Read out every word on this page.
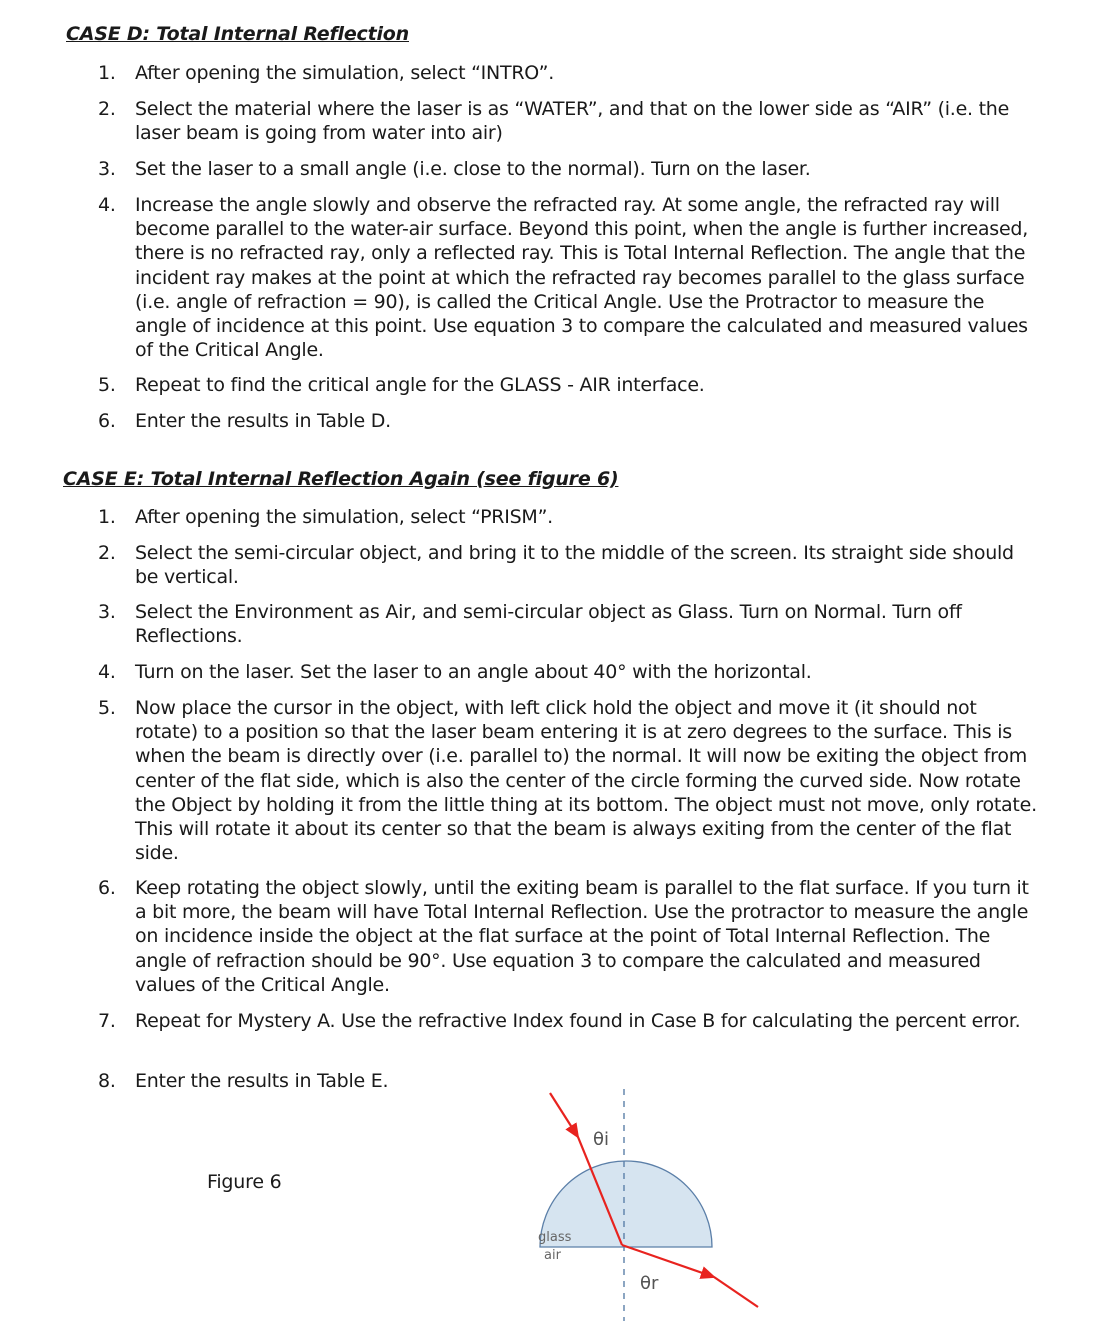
CASE D: Total Internal Reflection
1. After opening the simulation, select “INTRO”.
2. Select the material where the laser is as “WATER”, and that on the lower side as “AIR” (i.e. the laser beam is going from water into air)
3. Set the laser to a small angle (i.e. close to the normal). Turn on the laser.
4. Increase the angle slowly and observe the refracted ray. At some angle, the refracted ray will become parallel to the water-air surface. Beyond this point, when the angle is further increased, there is no refracted ray, only a reflected ray. This is Total Internal Reflection. The angle that the incident ray makes at the point at which the refracted ray becomes parallel to the glass surface (i.e. angle of refraction = 90), is called the Critical Angle. Use the Protractor to measure the angle of incidence at this point. Use equation 3 to compare the calculated and measured values of the Critical Angle.
5. Repeat to find the critical angle for the GLASS - AIR interface.
6. Enter the results in Table D.
CASE E: Total Internal Reflection Again (see figure 6)
1. After opening the simulation, select “PRISM”.
2. Select the semi-circular object, and bring it to the middle of the screen. Its straight side should be vertical.
3. Select the Environment as Air, and semi-circular object as Glass. Turn on Normal. Turn off Reflections.
4. Turn on the laser. Set the laser to an angle about 40° with the horizontal.
5. Now place the cursor in the object, with left click hold the object and move it (it should not rotate) to a position so that the laser beam entering it is at zero degrees to the surface. This is when the beam is directly over (i.e. parallel to) the normal. It will now be exiting the object from center of the flat side, which is also the center of the circle forming the curved side. Now rotate the Object by holding it from the little thing at its bottom. The object must not move, only rotate. This will rotate it about its center so that the beam is always exiting from the center of the flat side.
6. Keep rotating the object slowly, until the exiting beam is parallel to the flat surface. If you turn it a bit more, the beam will have Total Internal Reflection. Use the protractor to measure the angle on incidence inside the object at the flat surface at the point of Total Internal Reflection. The angle of refraction should be 90°. Use equation 3 to compare the calculated and measured values of the Critical Angle.
7. Repeat for Mystery A. Use the refractive Index found in Case B for calculating the percent error.
8. Enter the results in Table E.
Figure 6
θi
θr
glass
air
